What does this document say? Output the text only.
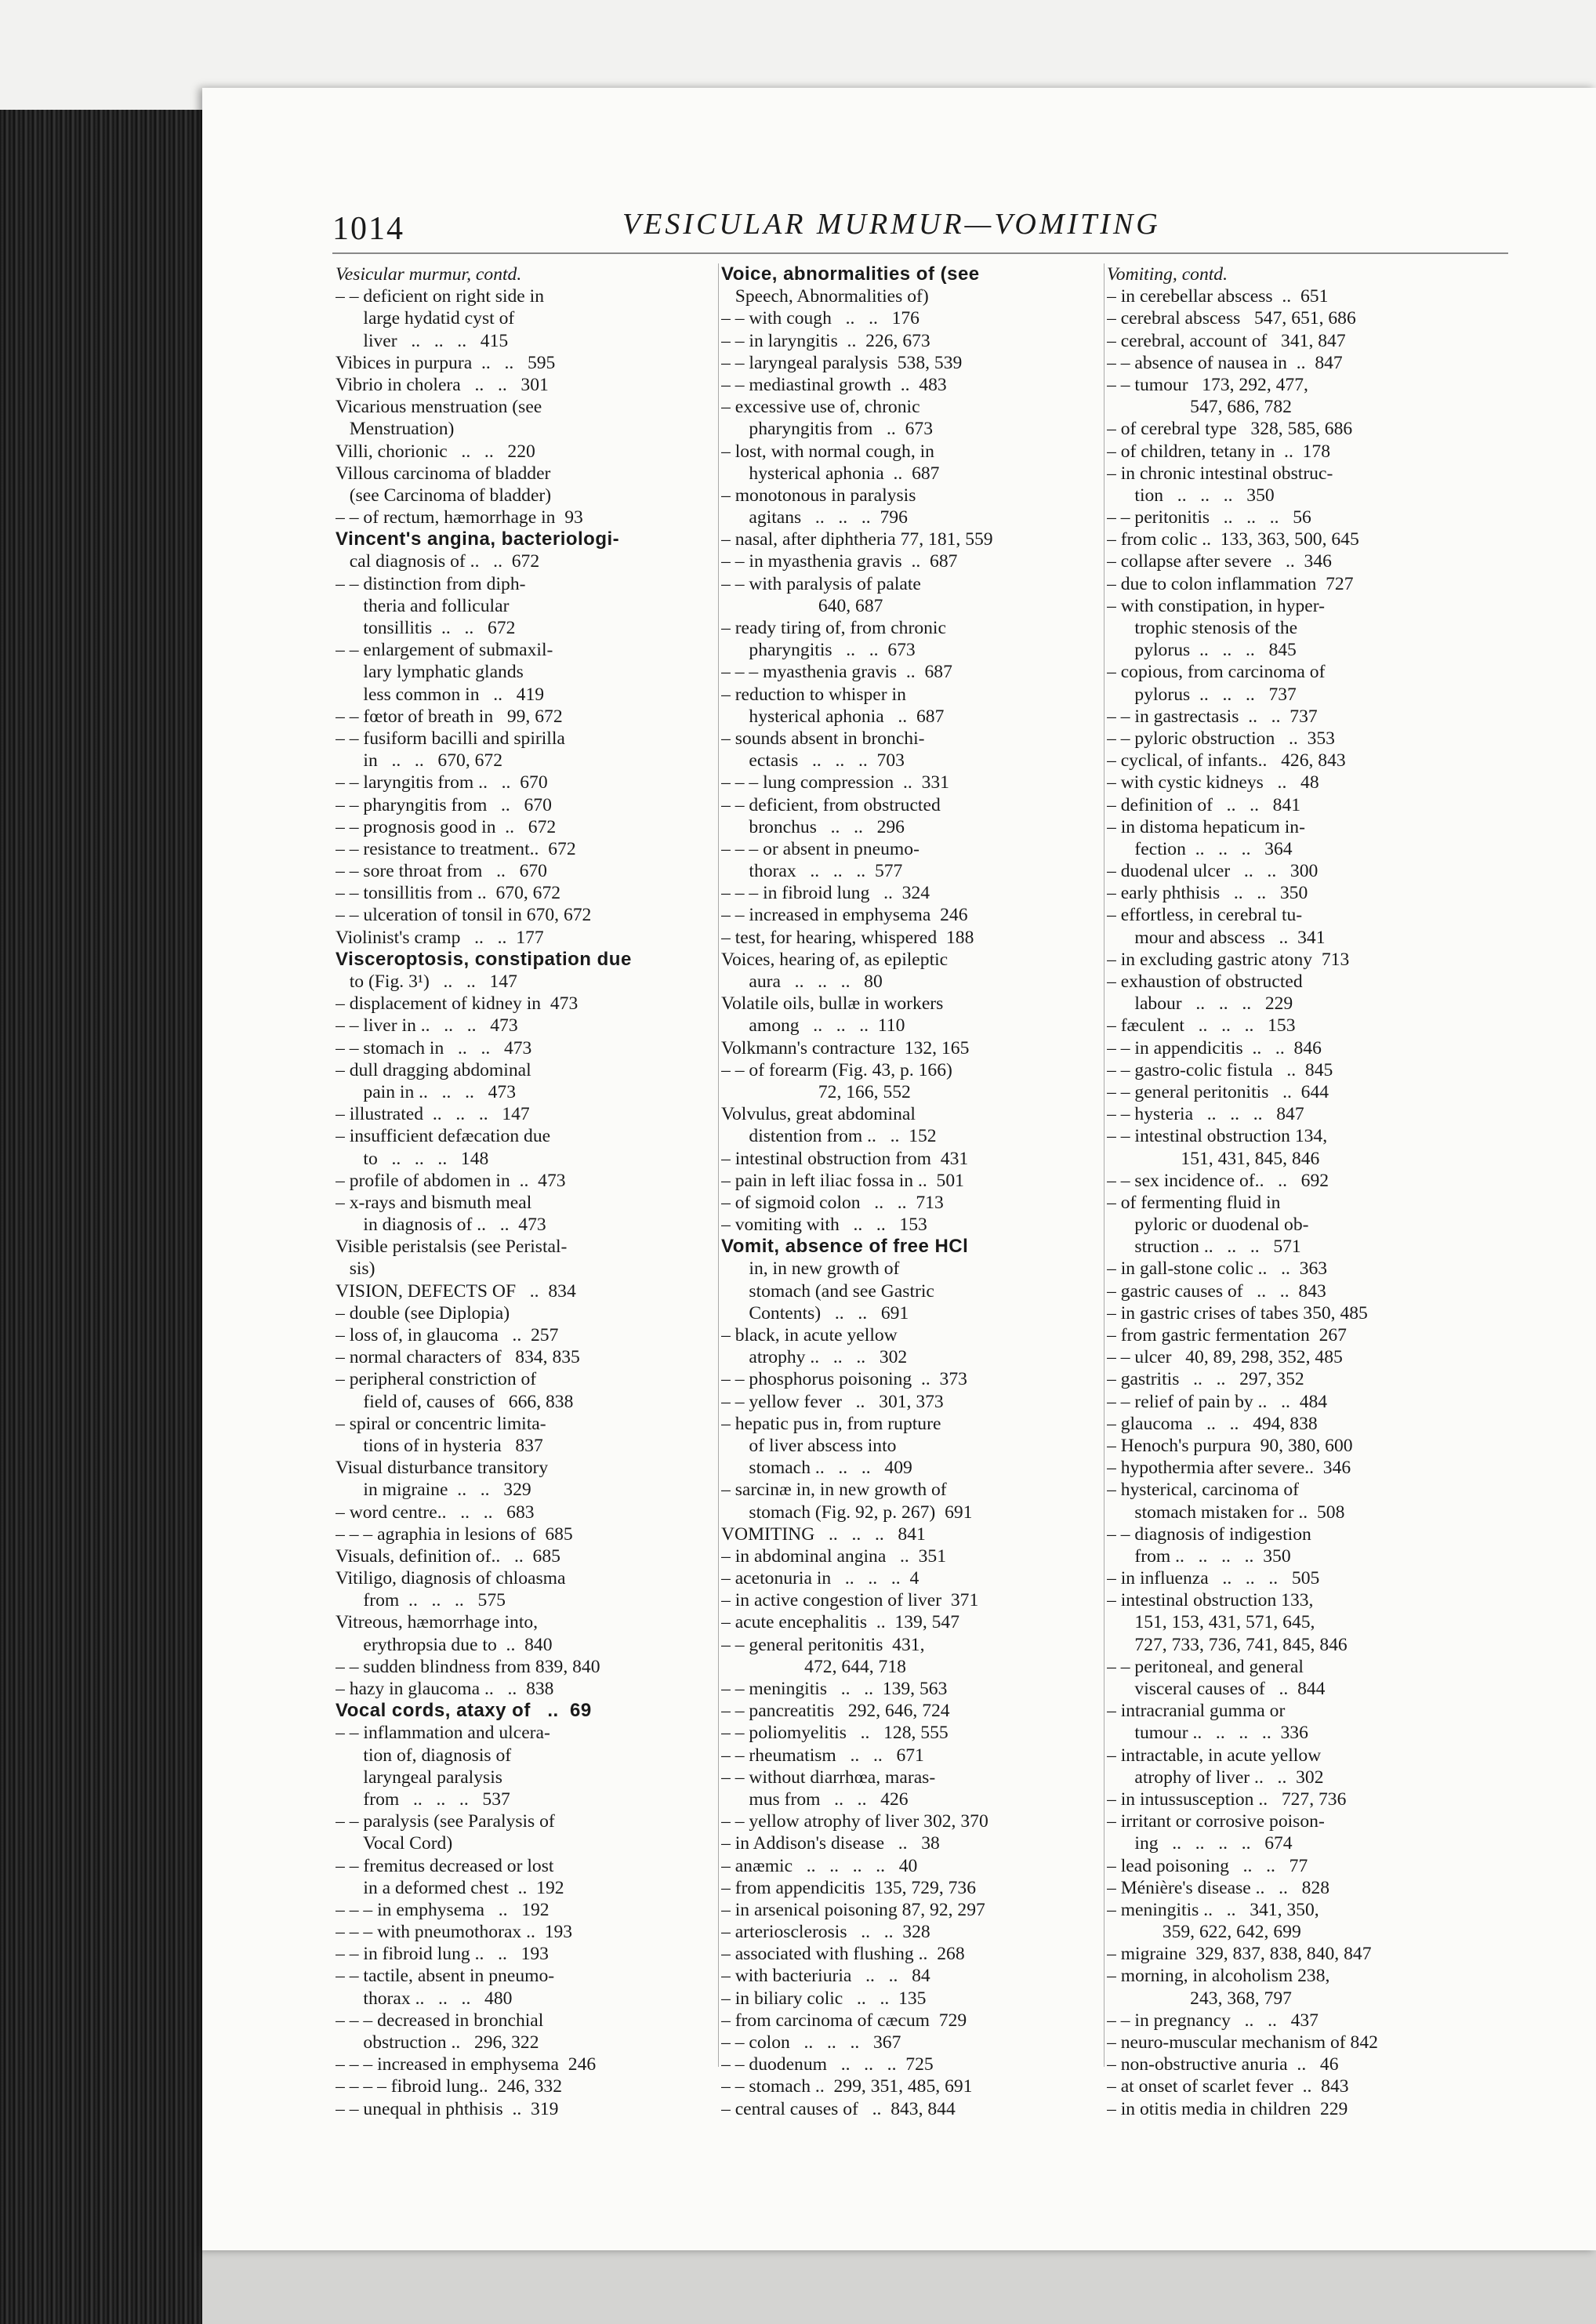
1014	VESICULAR MURMUR—VOMITING
Vesicular murmur, contd.
– – deficient on right side in
large hydatid cyst of
liver   ..   ..   ..   415
Vibices in purpura  ..   ..   595
Vibrio in cholera   ..   ..   301
Vicarious menstruation (see
Menstruation)
Villi, chorionic   ..   ..   220
Villous carcinoma of bladder
(see Carcinoma of bladder)
– – of rectum, hæmorrhage in  93
Vincent's angina, bacteriologi-
cal diagnosis of ..   ..  672
– – distinction from diph-
theria and follicular
tonsillitis  ..   ..   672
– – enlargement of submaxil-
lary lymphatic glands
less common in   ..   419
– – fœtor of breath in   99, 672
– – fusiform bacilli and spirilla
in   ..   ..   670, 672
– – laryngitis from ..   ..  670
– – pharyngitis from   ..   670
– – prognosis good in  ..   672
– – resistance to treatment..  672
– – sore throat from   ..   670
– – tonsillitis from ..  670, 672
– – ulceration of tonsil in 670, 672
Violinist's cramp   ..   ..  177
Visceroptosis, constipation due
to (Fig. 3¹)   ..   ..   147
– displacement of kidney in  473
– – liver in ..   ..   ..   473
– – stomach in   ..   ..   473
– dull dragging abdominal
pain in ..   ..   ..   473
– illustrated  ..   ..   ..   147
– insufficient defæcation due
to   ..   ..   ..   148
– profile of abdomen in  ..  473
– x-rays and bismuth meal
in diagnosis of ..   ..  473
Visible peristalsis (see Peristal-
sis)
VISION, DEFECTS OF   ..  834
– double (see Diplopia)
– loss of, in glaucoma   ..  257
– normal characters of   834, 835
– peripheral constriction of
field of, causes of   666, 838
– spiral or concentric limita-
tions of in hysteria   837
Visual disturbance transitory
in migraine  ..   ..   329
– word centre..   ..   ..   683
– – – agraphia in lesions of  685
Visuals, definition of..   ..  685
Vitiligo, diagnosis of chloasma
from  ..   ..   ..   575
Vitreous, hæmorrhage into,
erythropsia due to  ..  840
– – sudden blindness from 839, 840
– hazy in glaucoma ..   ..  838
Vocal cords, ataxy of   ..  69
– – inflammation and ulcera-
tion of, diagnosis of
laryngeal paralysis
from   ..   ..   ..   537
– – paralysis (see Paralysis of
Vocal Cord)
– – fremitus decreased or lost
in a deformed chest  ..  192
– – – in emphysema   ..   192
– – – with pneumothorax ..  193
– – in fibroid lung ..   ..   193
– – tactile, absent in pneumo-
thorax ..   ..   ..   480
– – – decreased in bronchial
obstruction ..   296, 322
– – – increased in emphysema  246
– – – – fibroid lung..  246, 332
– – unequal in phthisis  ..  319
Voice, abnormalities of (see
Speech, Abnormalities of)
– – with cough   ..   ..   176
– – in laryngitis  ..  226, 673
– – laryngeal paralysis  538, 539
– – mediastinal growth  ..  483
– excessive use of, chronic
pharyngitis from   ..  673
– lost, with normal cough, in
hysterical aphonia  ..  687
– monotonous in paralysis
agitans   ..   ..   ..  796
– nasal, after diphtheria 77, 181, 559
– – in myasthenia gravis  ..  687
– – with paralysis of palate
640, 687
– ready tiring of, from chronic
pharyngitis   ..   ..  673
– – – myasthenia gravis  ..  687
– reduction to whisper in
hysterical aphonia   ..  687
– sounds absent in bronchi-
ectasis   ..   ..   ..  703
– – – lung compression  ..  331
– – deficient, from obstructed
bronchus   ..   ..   296
– – – or absent in pneumo-
thorax   ..   ..   ..  577
– – – in fibroid lung   ..  324
– – increased in emphysema  246
– test, for hearing, whispered  188
Voices, hearing of, as epileptic
aura   ..   ..   ..   80
Volatile oils, bullæ in workers
among   ..   ..   ..  110
Volkmann's contracture  132, 165
– – of forearm (Fig. 43, p. 166)
72, 166, 552
Volvulus, great abdominal
distention from ..   ..  152
– intestinal obstruction from  431
– pain in left iliac fossa in ..  501
– of sigmoid colon   ..   ..  713
– vomiting with   ..   ..   153
Vomit, absence of free HCl
in, in new growth of
stomach (and see Gastric
Contents)   ..   ..   691
– black, in acute yellow
atrophy ..   ..   ..   302
– – phosphorus poisoning  ..  373
– – yellow fever   ..   301, 373
– hepatic pus in, from rupture
of liver abscess into
stomach ..   ..   ..   409
– sarcinæ in, in new growth of
stomach (Fig. 92, p. 267)  691
VOMITING   ..   ..   ..   841
– in abdominal angina   ..  351
– acetonuria in   ..   ..   ..  4
– in active congestion of liver  371
– acute encephalitis  ..  139, 547
– – general peritonitis  431,
472, 644, 718
– – meningitis   ..   ..  139, 563
– – pancreatitis   292, 646, 724
– – poliomyelitis   ..   128, 555
– – rheumatism   ..   ..   671
– – without diarrhœa, maras-
mus from   ..   ..   426
– – yellow atrophy of liver 302, 370
– in Addison's disease   ..   38
– anæmic   ..   ..   ..   ..   40
– from appendicitis  135, 729, 736
– in arsenical poisoning 87, 92, 297
– arteriosclerosis   ..   ..  328
– associated with flushing ..  268
– with bacteriuria   ..   ..   84
– in biliary colic   ..   ..  135
– from carcinoma of cæcum  729
– – colon   ..   ..   ..   367
– – duodenum   ..   ..   ..  725
– – stomach ..  299, 351, 485, 691
– central causes of   ..  843, 844
Vomiting, contd.
– in cerebellar abscess  ..  651
– cerebral abscess   547, 651, 686
– cerebral, account of   341, 847
– – absence of nausea in  ..  847
– – tumour   173, 292, 477,
547, 686, 782
– of cerebral type   328, 585, 686
– of children, tetany in  ..  178
– in chronic intestinal obstruc-
tion   ..   ..   ..   350
– – peritonitis   ..   ..   ..   56
– from colic ..  133, 363, 500, 645
– collapse after severe   ..  346
– due to colon inflammation  727
– with constipation, in hyper-
trophic stenosis of the
pylorus  ..   ..   ..   845
– copious, from carcinoma of
pylorus  ..   ..   ..   737
– – in gastrectasis  ..   ..  737
– – pyloric obstruction   ..  353
– cyclical, of infants..   426, 843
– with cystic kidneys   ..   48
– definition of   ..   ..   841
– in distoma hepaticum in-
fection  ..   ..   ..   364
– duodenal ulcer   ..   ..   300
– early phthisis   ..   ..   350
– effortless, in cerebral tu-
mour and abscess   ..  341
– in excluding gastric atony  713
– exhaustion of obstructed
labour   ..   ..   ..   229
– fæculent   ..   ..   ..   153
– – in appendicitis  ..   ..  846
– – gastro-colic fistula   ..  845
– – general peritonitis   ..  644
– – hysteria   ..   ..   ..   847
– – intestinal obstruction 134,
151, 431, 845, 846
– – sex incidence of..   ..   692
– of fermenting fluid in
pyloric or duodenal ob-
struction ..   ..   ..   571
– in gall-stone colic ..   ..  363
– gastric causes of   ..   ..  843
– in gastric crises of tabes 350, 485
– from gastric fermentation  267
– – ulcer   40, 89, 298, 352, 485
– gastritis   ..   ..   297, 352
– – relief of pain by ..   ..  484
– glaucoma   ..   ..   494, 838
– Henoch's purpura  90, 380, 600
– hypothermia after severe..  346
– hysterical, carcinoma of
stomach mistaken for ..  508
– – diagnosis of indigestion
from ..   ..   ..   ..  350
– in influenza   ..   ..   ..   505
– intestinal obstruction 133,
151, 153, 431, 571, 645,
727, 733, 736, 741, 845, 846
– – peritoneal, and general
visceral causes of   ..  844
– intracranial gumma or
tumour ..   ..   ..   ..  336
– intractable, in acute yellow
atrophy of liver ..   ..  302
– in intussusception ..   727, 736
– irritant or corrosive poison-
ing   ..   ..   ..   ..   674
– lead poisoning   ..   ..   77
– Ménière's disease ..   ..   828
– meningitis ..   ..   341, 350,
359, 622, 642, 699
– migraine  329, 837, 838, 840, 847
– morning, in alcoholism 238,
243, 368, 797
– – in pregnancy   ..   ..   437
– neuro-muscular mechanism of 842
– non-obstructive anuria  ..   46
– at onset of scarlet fever  ..  843
– in otitis media in children  229
